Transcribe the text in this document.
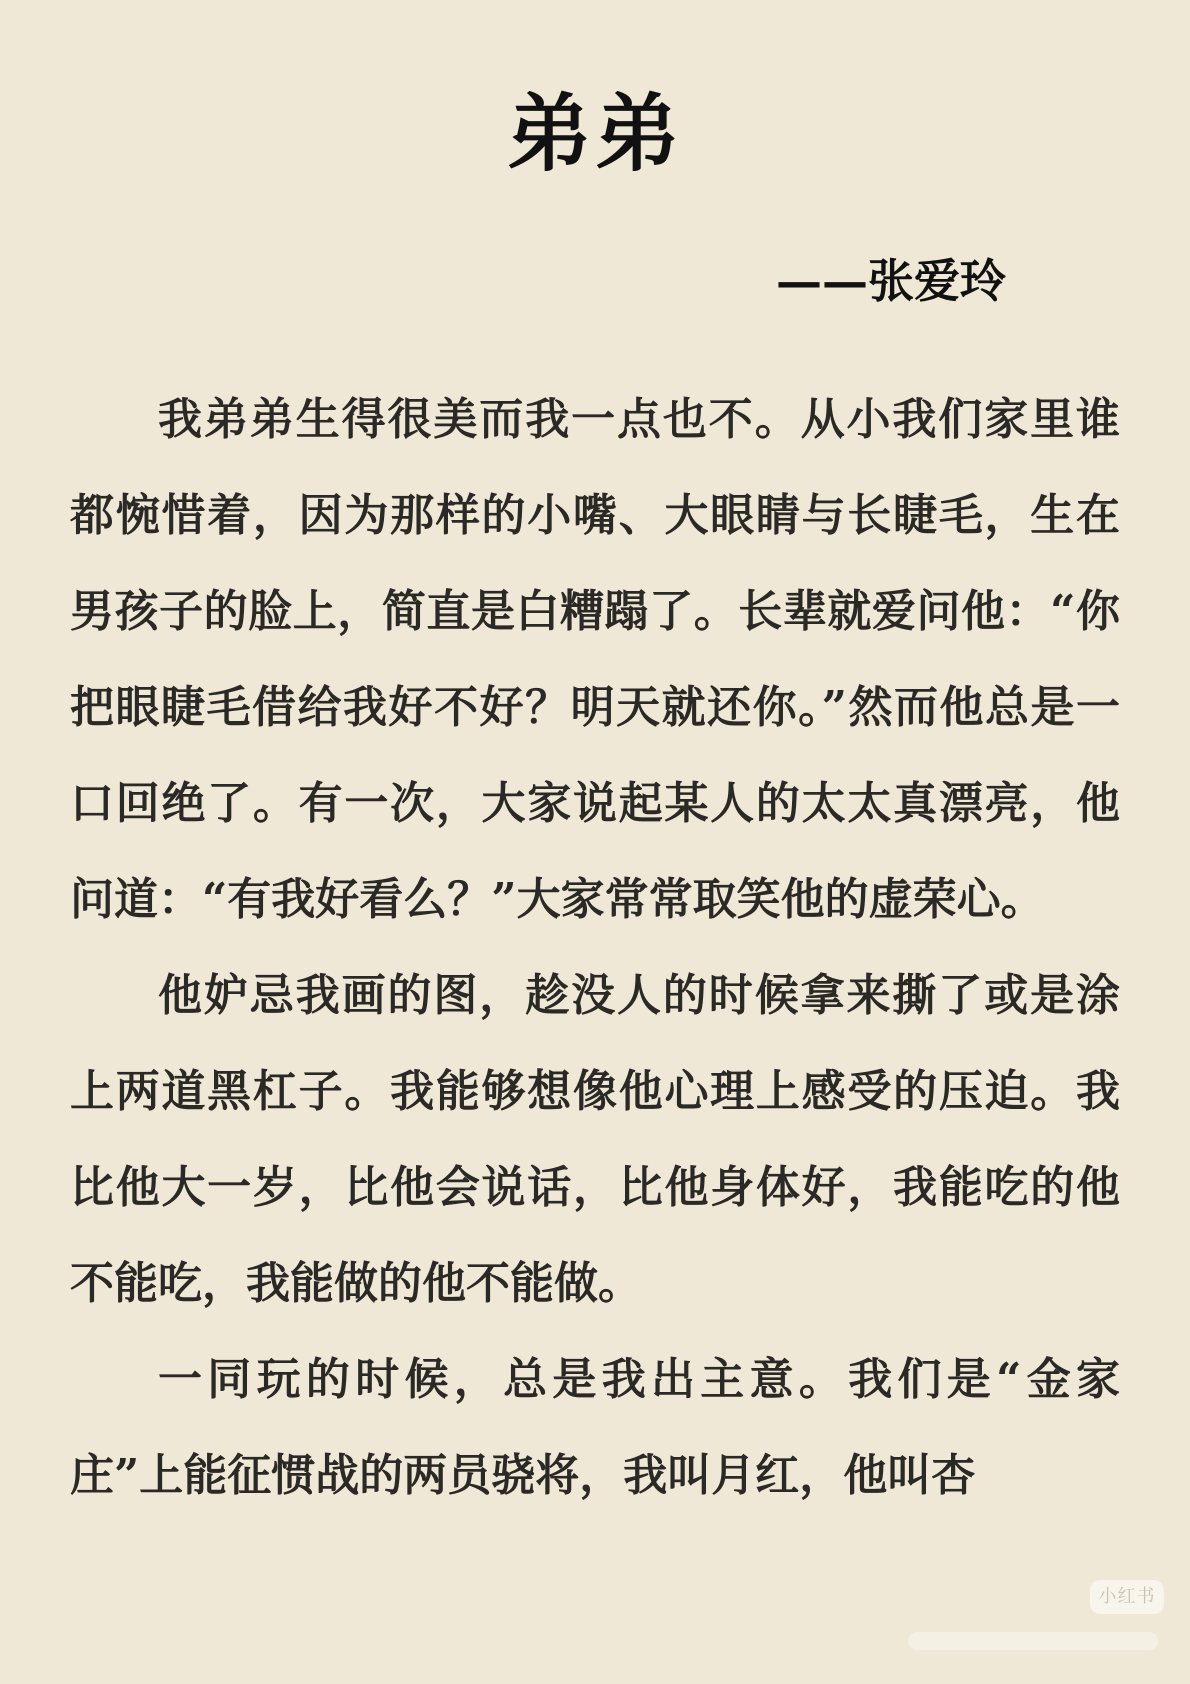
弟弟
——张爱玲

我弟弟生得很美而我一点也不。从小我们家里谁都惋惜着，因为那样的小嘴、大眼睛与长睫毛，生在男孩子的脸上，简直是白糟蹋了。长辈就爱问他：“你把眼睫毛借给我好不好？明天就还你。”然而他总是一口回绝了。有一次，大家说起某人的太太真漂亮，他问道：“有我好看么？”大家常常取笑他的虚荣心。

他妒忌我画的图，趁没人的时候拿来撕了或是涂上两道黑杠子。我能够想像他心理上感受的压迫。我比他大一岁，比他会说话，比他身体好，我能吃的他不能吃，我能做的他不能做。

一同玩的时候，总是我出主意。我们是“金家庄”上能征惯战的两员骁将，我叫月红，他叫杏

小红书
